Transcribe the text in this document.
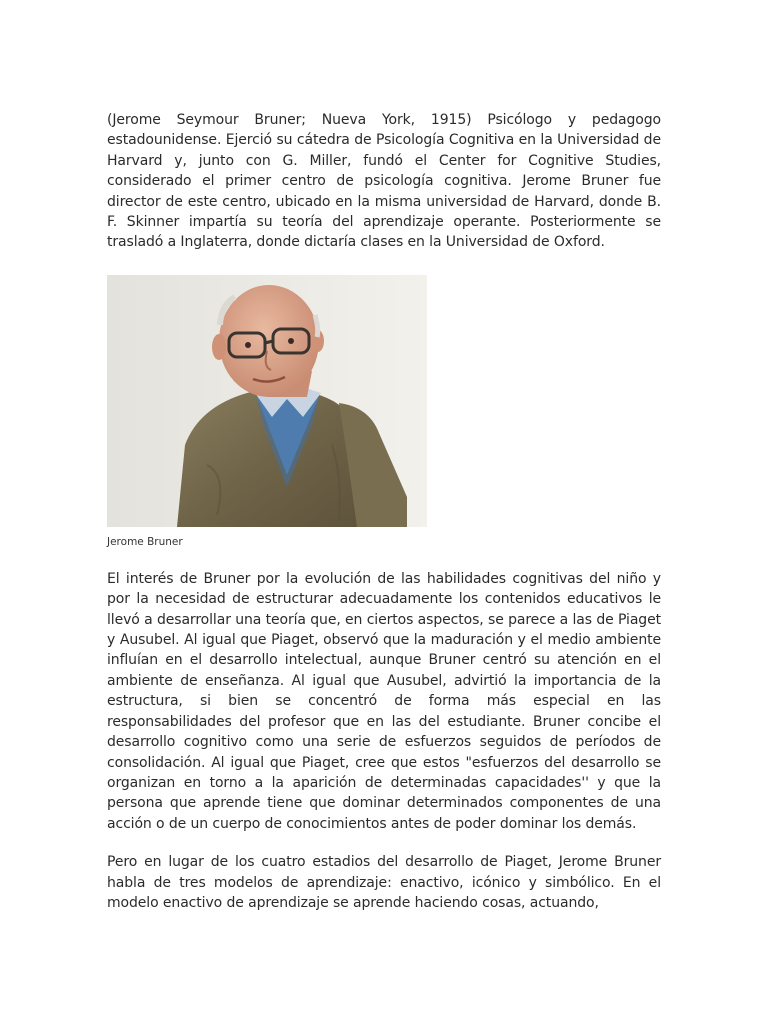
(Jerome Seymour Bruner; Nueva York, 1915) Psicólogo y pedagogo estadounidense. Ejerció su cátedra de Psicología Cognitiva en la Universidad de Harvard y, junto con G. Miller, fundó el Center for Cognitive Studies, considerado el primer centro de psicología cognitiva. Jerome Bruner fue director de este centro, ubicado en la misma universidad de Harvard, donde B. F. Skinner impartía su teoría del aprendizaje operante. Posteriormente se trasladó a Inglaterra, donde dictaría clases en la Universidad de Oxford.

Jerome Bruner

El interés de Bruner por la evolución de las habilidades cognitivas del niño y por la necesidad de estructurar adecuadamente los contenidos educativos le llevó a desarrollar una teoría que, en ciertos aspectos, se parece a las de Piaget y Ausubel. Al igual que Piaget, observó que la maduración y el medio ambiente influían en el desarrollo intelectual, aunque Bruner centró su atención en el ambiente de enseñanza. Al igual que Ausubel, advirtió la importancia de la estructura, si bien se concentró de forma más especial en las responsabilidades del profesor que en las del estudiante. Bruner concibe el desarrollo cognitivo como una serie de esfuerzos seguidos de períodos de consolidación. Al igual que Piaget, cree que estos "esfuerzos del desarrollo se organizan en torno a la aparición de determinadas capacidades'' y que la persona que aprende tiene que dominar determinados componentes de una acción o de un cuerpo de conocimientos antes de poder dominar los demás.

Pero en lugar de los cuatro estadios del desarrollo de Piaget, Jerome Bruner habla de tres modelos de aprendizaje: enactivo, icónico y simbólico. En el modelo enactivo de aprendizaje se aprende haciendo cosas, actuando,
